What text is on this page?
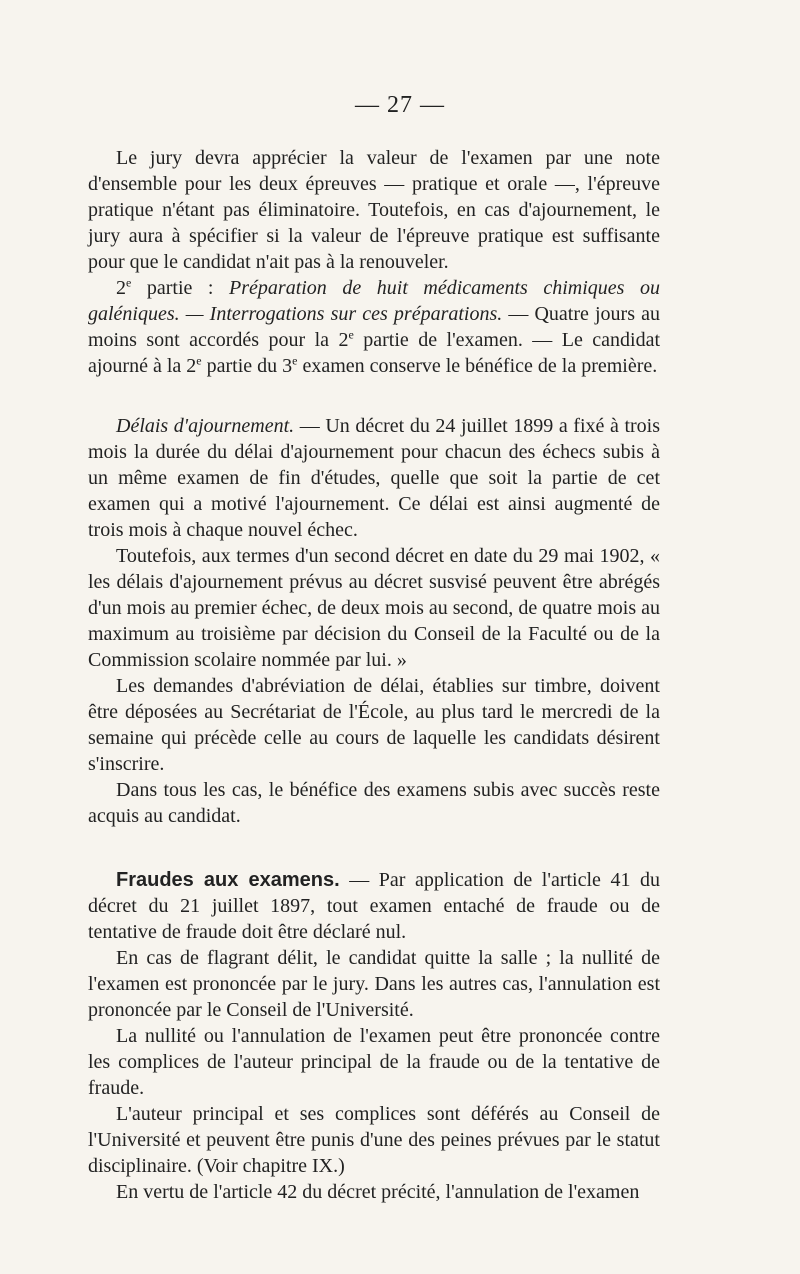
— 27 —

Le jury devra apprécier la valeur de l'examen par une note d'ensemble pour les deux épreuves — pratique et orale —, l'épreuve pratique n'étant pas éliminatoire. Toutefois, en cas d'ajournement, le jury aura à spécifier si la valeur de l'épreuve pratique est suffisante pour que le candidat n'ait pas à la renouveler.

2e partie : Préparation de huit médicaments chimiques ou galéniques. — Interrogations sur ces préparations. — Quatre jours au moins sont accordés pour la 2e partie de l'examen. — Le candidat ajourné à la 2e partie du 3e examen conserve le bénéfice de la première.

Délais d'ajournement. — Un décret du 24 juillet 1899 a fixé à trois mois la durée du délai d'ajournement pour chacun des échecs subis à un même examen de fin d'études, quelle que soit la partie de cet examen qui a motivé l'ajournement. Ce délai est ainsi augmenté de trois mois à chaque nouvel échec.

Toutefois, aux termes d'un second décret en date du 29 mai 1902, « les délais d'ajournement prévus au décret susvisé peuvent être abrégés d'un mois au premier échec, de deux mois au second, de quatre mois au maximum au troisième par décision du Conseil de la Faculté ou de la Commission scolaire nommée par lui. »

Les demandes d'abréviation de délai, établies sur timbre, doivent être déposées au Secrétariat de l'École, au plus tard le mercredi de la semaine qui précède celle au cours de laquelle les candidats désirent s'inscrire.

Dans tous les cas, le bénéfice des examens subis avec succès reste acquis au candidat.

Fraudes aux examens. — Par application de l'article 41 du décret du 21 juillet 1897, tout examen entaché de fraude ou de tentative de fraude doit être déclaré nul.

En cas de flagrant délit, le candidat quitte la salle ; la nullité de l'examen est prononcée par le jury. Dans les autres cas, l'annulation est prononcée par le Conseil de l'Université.

La nullité ou l'annulation de l'examen peut être prononcée contre les complices de l'auteur principal de la fraude ou de la tentative de fraude.

L'auteur principal et ses complices sont déférés au Conseil de l'Université et peuvent être punis d'une des peines prévues par le statut disciplinaire. (Voir chapitre IX.)

En vertu de l'article 42 du décret précité, l'annulation de l'examen
